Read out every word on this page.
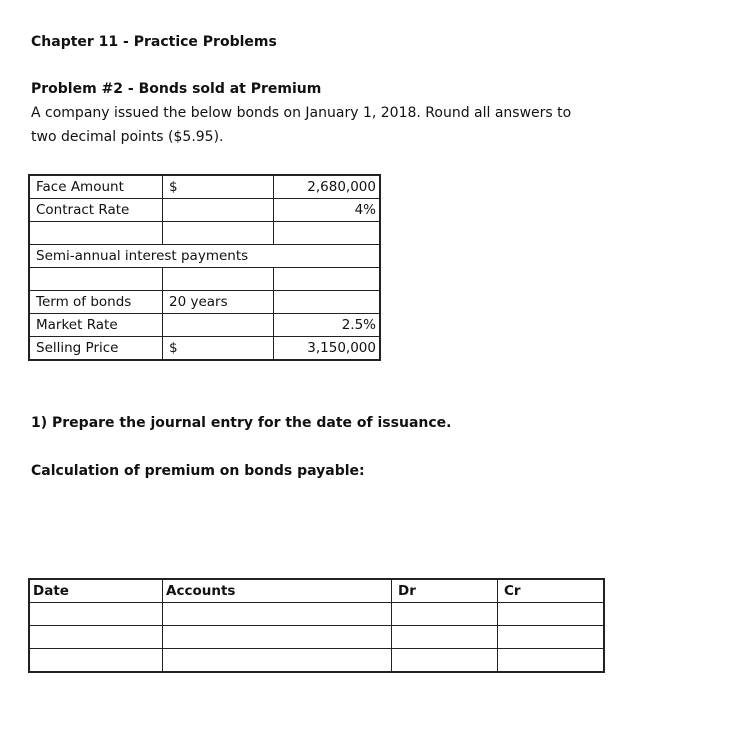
Chapter 11 - Practice Problems
Problem #2 - Bonds sold at Premium
A company issued the below bonds on January 1, 2018. Round all answers to
two decimal points ($5.95).
Face Amount	$	2,680,000
Contract Rate		4%

Semi-annual interest payments		

Term of bonds	20 years	
Market Rate		2.5%
Selling Price	$	3,150,000
1) Prepare the journal entry for the date of issuance.
Calculation of premium on bonds payable:
Date	Accounts	Dr	Cr
